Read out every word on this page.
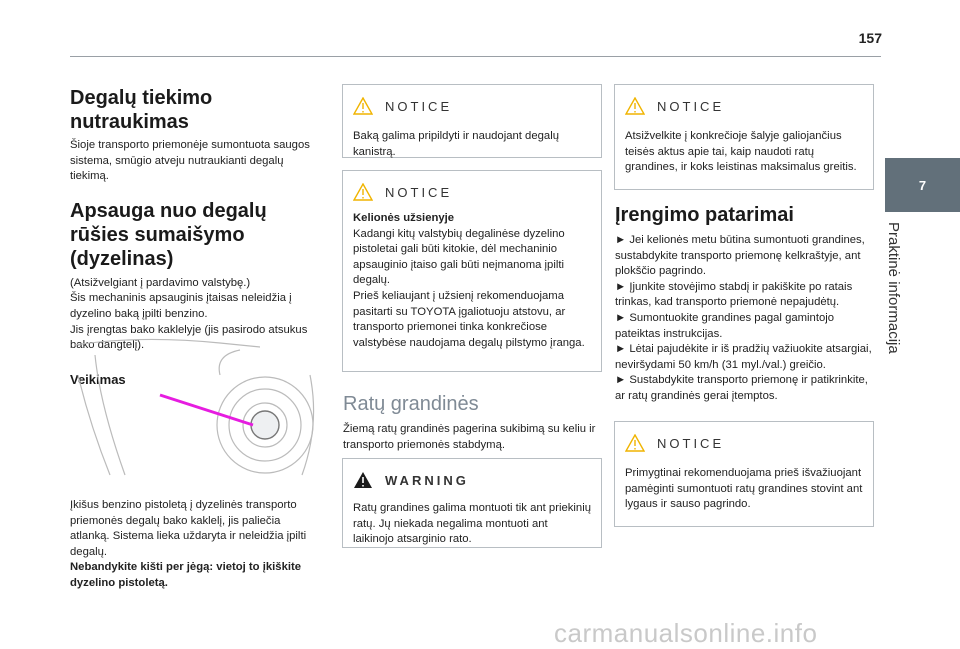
157
7
Praktinė informacija
Degalų tiekimo nutraukimas
Šioje transporto priemonėje sumontuota saugos sistema, smūgio atveju nutraukianti degalų tiekimą.
Apsauga nuo degalų rūšies sumaišymo (dyzelinas)
(Atsižvelgiant į pardavimo valstybę.)
Šis mechaninis apsauginis įtaisas neleidžia į dyzelino baką įpilti benzino.
Jis įrengtas bako kaklelyje (jis pasirodo atsukus bako dangtelį).
Veikimas
Įkišus benzino pistoletą į dyzelinės transporto priemonės degalų bako kaklelį, jis paliečia atlanką. Sistema lieka uždaryta ir neleidžia įpilti degalų.
Nebandykite kišti per jėgą: vietoj to įkiškite dyzelino pistoletą.
NOTICE
Baką galima pripildyti ir naudojant degalų kanistrą.
NOTICE
Kelionės užsienyje
Kadangi kitų valstybių degalinėse dyzelino pistoletai gali būti kitokie, dėl mechaninio apsauginio įtaiso gali būti neįmanoma įpilti degalų.
Prieš keliaujant į užsienį rekomenduojama pasitarti su TOYOTA įgaliotuoju atstovu, ar transporto priemonei tinka konkrečiose valstybėse naudojama degalų pilstymo įranga.
Ratų grandinės
Žiemą ratų grandinės pagerina sukibimą su keliu ir transporto priemonės stabdymą.
WARNING
Ratų grandines galima montuoti tik ant priekinių ratų. Jų niekada negalima montuoti ant laikinojo atsarginio rato.
NOTICE
Atsižvelkite į konkrečioje šalyje galiojančius teisės aktus apie tai, kaip naudoti ratų grandines, ir koks leistinas maksimalus greitis.
Įrengimo patarimai
► Jei kelionės metu būtina sumontuoti grandines, sustabdykite transporto priemonę kelkraštyje, ant plokščio pagrindo.
► Įjunkite stovėjimo stabdį ir pakiškite po ratais trinkas, kad transporto priemonė nepajudėtų.
► Sumontuokite grandines pagal gamintojo pateiktas instrukcijas.
► Lėtai pajudėkite ir iš pradžių važiuokite atsargiai, neviršydami 50 km/h (31 myl./val.) greičio.
► Sustabdykite transporto priemonę ir patikrinkite, ar ratų grandinės gerai įtemptos.
NOTICE
Primygtinai rekomenduojama prieš išvažiuojant pamėginti sumontuoti ratų grandines stovint ant lygaus ir sauso pagrindo.
carmanualsonline.info
